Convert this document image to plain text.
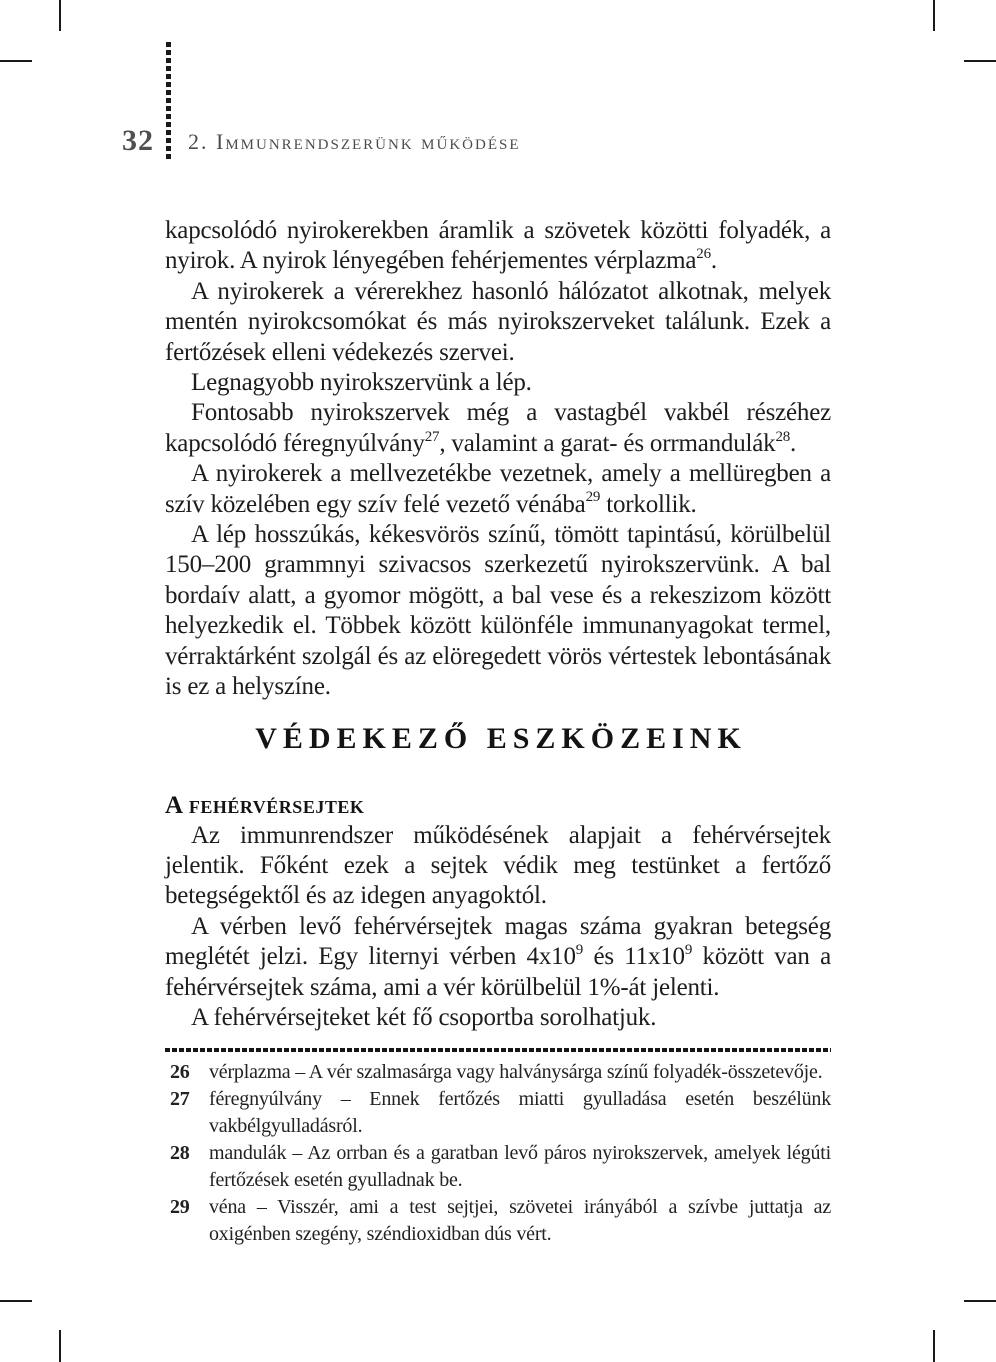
32 2. Immunrendszerünk működése

kapcsolódó nyirokerekben áramlik a szövetek közötti folyadék, a nyirok. A nyirok lényegében fehérjementes vérplazma$^{26}$.

A nyirokerek a vérerekhez hasonló hálózatot alkotnak, melyek mentén nyirokcsomókat és más nyirokszerveket találunk. Ezek a fertőzések elleni védekezés szervei.

Legnagyobb nyirokszervünk a lép.

Fontosabb nyirokszervek még a vastagbél vakbél részéhez kapcsolódó féregnyúlvány$^{27}$, valamint a garat- és orrmandulák$^{28}$.

A nyirokerek a mellvezetékbe vezetnek, amely a mellüregben a szív közelében egy szív felé vezető vénába$^{29}$ torkollik.

A lép hosszúkás, kékesvörös színű, tömött tapintású, körülbelül 150–200 grammnyi szivacsos szerkezetű nyirokszervünk. A bal bordaív alatt, a gyomor mögött, a bal vese és a rekeszizom között helyezkedik el. Többek között különféle immunanyagokat termel, vérraktárként szolgál és az elöregedett vörös vértestek lebontásának is ez a helyszíne.

VÉDEKEZŐ ESZKÖZEINK
A fehérvérsejtek

Az immunrendszer működésének alapjait a fehérvérsejtek jelentik. Főként ezek a sejtek védik meg testünket a fertőző betegségektől és az idegen anyagoktól.

A vérben levő fehérvérsejtek magas száma gyakran betegség meglétét jelzi. Egy liternyi vérben $4x10^9$ és $11x10^9$ között van a fehérvérsejtek száma, ami a vér körülbelül 1%-át jelenti.

A fehérvérsejteket két fő csoportba sorolhatjuk.

26 vérplazma – A vér szalmasárga vagy halványsárga színű folyadék-összetevője.
27 féregnyúlvány – Ennek fertőzés miatti gyulladása esetén beszélünk vakbélgyulladásról.
28 mandulák – Az orrban és a garatban levő páros nyirokszervek, amelyek légúti fertőzések esetén gyulladnak be.
29 véna – Visszér, ami a test sejtjei, szövetei irányából a szívbe juttatja az oxigénben szegény, széndioxidban dús vért.
